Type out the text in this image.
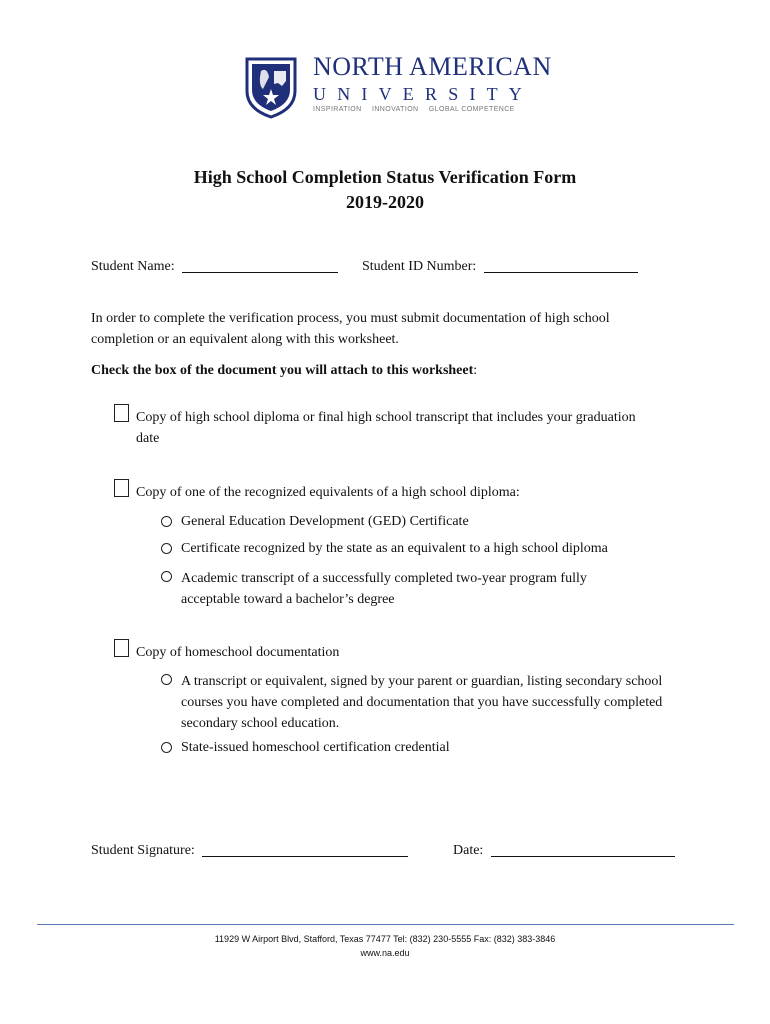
NORTH AMERICAN
UNIVERSITY
INSPIRATION INNOVATION GLOBAL COMPETENCE
High School Completion Status Verification Form
2019-2020
Student Name:	Student ID Number:
In order to complete the verification process, you must submit documentation of high school completion or an equivalent along with this worksheet.
Check the box of the document you will attach to this worksheet:
Copy of high school diploma or final high school transcript that includes your graduation
date
Copy of one of the recognized equivalents of a high school diploma:
General Education Development (GED) Certificate
Certificate recognized by the state as an equivalent to a high school diploma
Academic transcript of a successfully completed two-year program fully acceptable toward a bachelor’s degree
Copy of homeschool documentation
A transcript or equivalent, signed by your parent or guardian, listing secondary school courses you have completed and documentation that you have successfully completed secondary school education.
State-issued homeschool certification credential
Student Signature:	Date:
11929 W Airport Blvd, Stafford, Texas 77477 Tel: (832) 230-5555 Fax: (832) 383-3846
www.na.edu
